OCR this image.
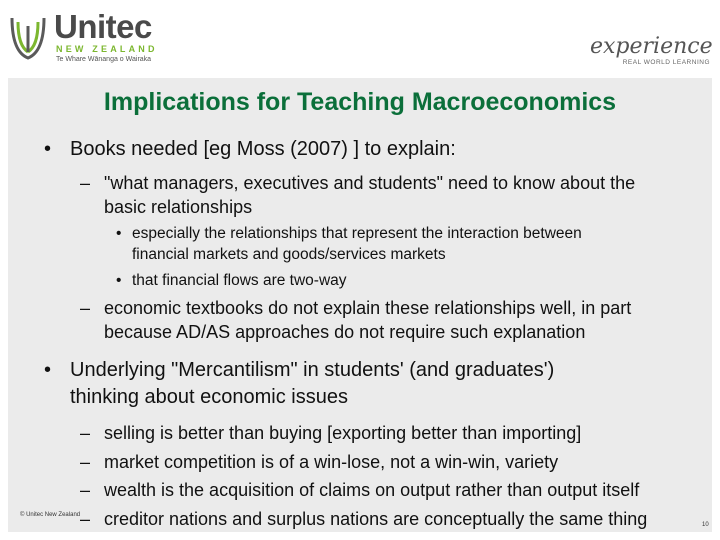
Unitec
NEW ZEALAND
Te Whare Wānanga o Wairaka
experience
REAL WORLD LEARNING
Implications for Teaching Macroeconomics
• Books needed [eg Moss (2007) ] to explain:
– "what managers, executives and students" need to know about the
basic relationships
• especially the relationships that represent the interaction between
financial markets and goods/services markets
• that financial flows are two-way
– economic textbooks do not explain these relationships well, in part
because AD/AS approaches do not require such explanation
• Underlying "Mercantilism" in students' (and graduates')
thinking about economic issues
– selling is better than buying [exporting better than importing]
– market competition is of a win-lose, not a win-win, variety
– wealth is the acquisition of claims on output rather than output itself
– creditor nations and surplus nations are conceptually the same thing
© Unitec New Zealand
10
